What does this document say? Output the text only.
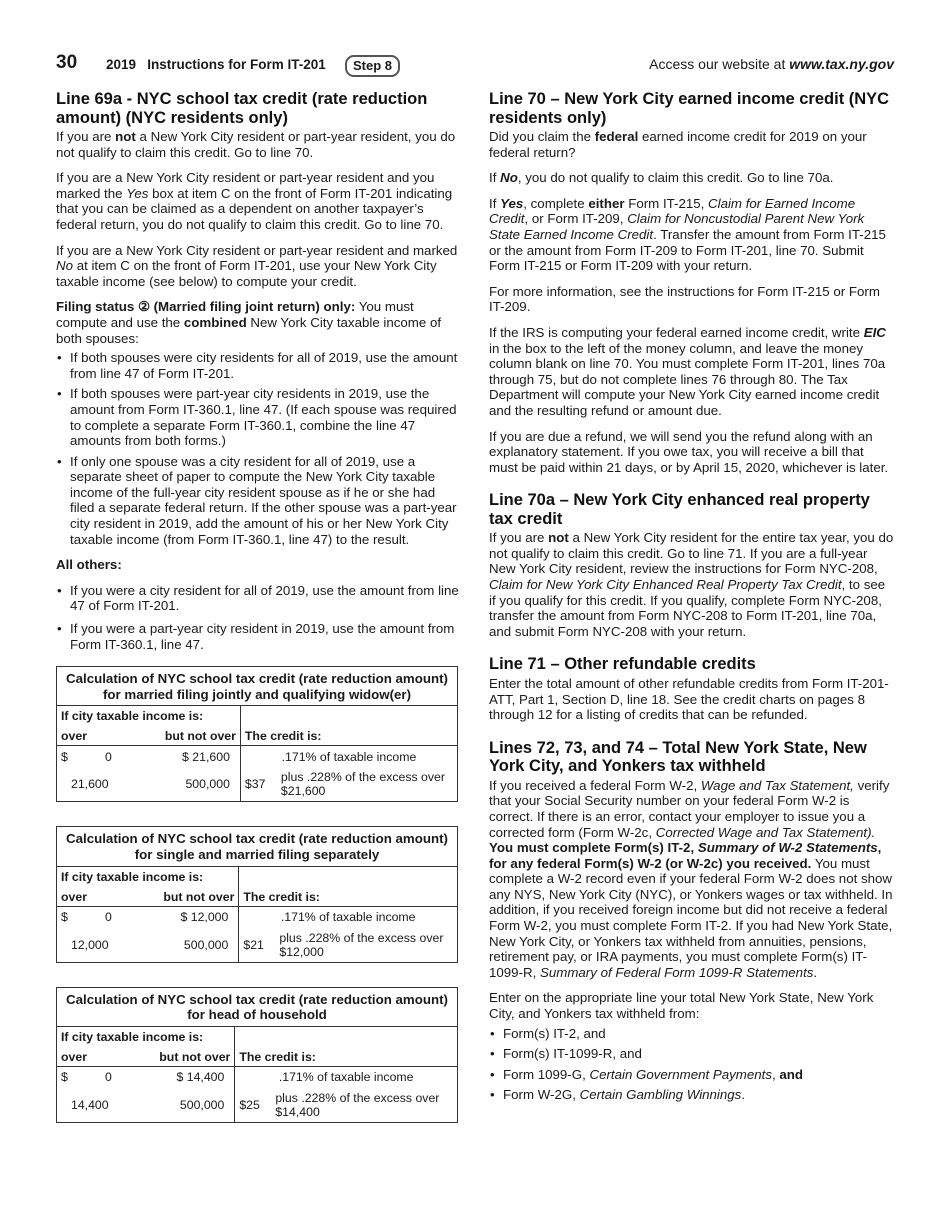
30 2019   Instructions for Form IT-201	Step 8	Access our website at www.tax.ny.gov
Line 69a - NYC school tax credit (rate reduction amount) (NYC residents only)

If you are not a New York City resident or part-year resident, you do not qualify to claim this credit. Go to line 70.

If you are a New York City resident or part-year resident and you marked the Yes box at item C on the front of Form IT-201 indicating that you can be claimed as a dependent on another taxpayer’s federal return, you do not qualify to claim this credit. Go to line 70.

If you are a New York City resident or part-year resident and marked No at item C on the front of Form IT-201, use your New York City taxable income (see below) to compute your credit.

Filing status ② (Married filing joint return) only: You must compute and use the combined New York City taxable income of both spouses:

• If both spouses were city residents for all of 2019, use the amount from line 47 of Form IT-201.
• If both spouses were part-year city residents in 2019, use the amount from Form IT-360.1, line 47. (If each spouse was required to complete a separate Form IT-360.1, combine the line 47 amounts from both forms.)
• If only one spouse was a city resident for all of 2019, use a separate sheet of paper to compute the New York City taxable income of the full-year city resident spouse as if he or she had filed a separate federal return. If the other spouse was a part-year city resident in 2019, add the amount of his or her New York City taxable income (from Form IT-360.1, line 47) to the result.

All others:

• If you were a city resident for all of 2019, use the amount from line 47 of Form IT-201.
• If you were a part-year city resident in 2019, use the amount from Form IT-360.1, line 47.
Calculation of NYC school tax credit (rate reduction amount) for married filing jointly and qualifying widow(er)				
If city taxable income is:				
over		but not over	The credit is:	
$	0	$ 21,600	.171% of taxable income	
21,600		500,000	$37	plus .228% of the excess over $21,600
Calculation of NYC school tax credit (rate reduction amount) for single and married filing separately				
If city taxable income is:				
over		but not over	The credit is:	
$	0	$ 12,000	.171% of taxable income	
12,000		500,000	$21	plus .228% of the excess over $12,000
Calculation of NYC school tax credit (rate reduction amount) for head of household				
If city taxable income is:				
over		but not over	The credit is:	
$	0	$ 14,400	.171% of taxable income	
14,400		500,000	$25	plus .228% of the excess over $14,400
Line 70 – New York City earned income credit (NYC residents only)

Did you claim the federal earned income credit for 2019 on your federal return?

If No, you do not qualify to claim this credit. Go to line 70a.

If Yes, complete either Form IT-215, Claim for Earned Income Credit, or Form IT-209, Claim for Noncustodial Parent New York State Earned Income Credit. Transfer the amount from Form IT-215 or the amount from Form IT-209 to Form IT-201, line 70. Submit Form IT-215 or Form IT-209 with your return.

For more information, see the instructions for Form IT-215 or Form IT-209.

If the IRS is computing your federal earned income credit, write EIC in the box to the left of the money column, and leave the money column blank on line 70. You must complete Form IT-201, lines 70a through 75, but do not complete lines 76 through 80. The Tax Department will compute your New York City earned income credit and the resulting refund or amount due.

If you are due a refund, we will send you the refund along with an explanatory statement. If you owe tax, you will receive a bill that must be paid within 21 days, or by April 15, 2020, whichever is later.

Line 70a – New York City enhanced real property tax credit

If you are not a New York City resident for the entire tax year, you do not qualify to claim this credit. Go to line 71. If you are a full-year New York City resident, review the instructions for Form NYC-208, Claim for New York City Enhanced Real Property Tax Credit, to see if you qualify for this credit. If you qualify, complete Form NYC-208, transfer the amount from Form NYC-208 to Form IT-201, line 70a, and submit Form NYC-208 with your return.

Line 71 – Other refundable credits

Enter the total amount of other refundable credits from Form IT-201-ATT, Part 1, Section D, line 18. See the credit charts on pages 8 through 12 for a listing of credits that can be refunded.

Lines 72, 73, and 74 – Total New York State, New York City, and Yonkers tax withheld

If you received a federal Form W-2, Wage and Tax Statement, verify that your Social Security number on your federal Form W-2 is correct. If there is an error, contact your employer to issue you a corrected form (Form W-2c, Corrected Wage and Tax Statement). You must complete Form(s) IT-2, Summary of W-2 Statements, for any federal Form(s) W-2 (or W-2c) you received. You must complete a W-2 record even if your federal Form W-2 does not show any NYS, New York City (NYC), or Yonkers wages or tax withheld. In addition, if you received foreign income but did not receive a federal Form W-2, you must complete Form IT-2. If you had New York State, New York City, or Yonkers tax withheld from annuities, pensions, retirement pay, or IRA payments, you must complete Form(s) IT-1099-R, Summary of Federal Form 1099-R Statements.

Enter on the appropriate line your total New York State, New York City, and Yonkers tax withheld from:

• Form(s) IT-2, and
• Form(s) IT-1099-R, and
• Form 1099-G, Certain Government Payments, and
• Form W-2G, Certain Gambling Winnings.
